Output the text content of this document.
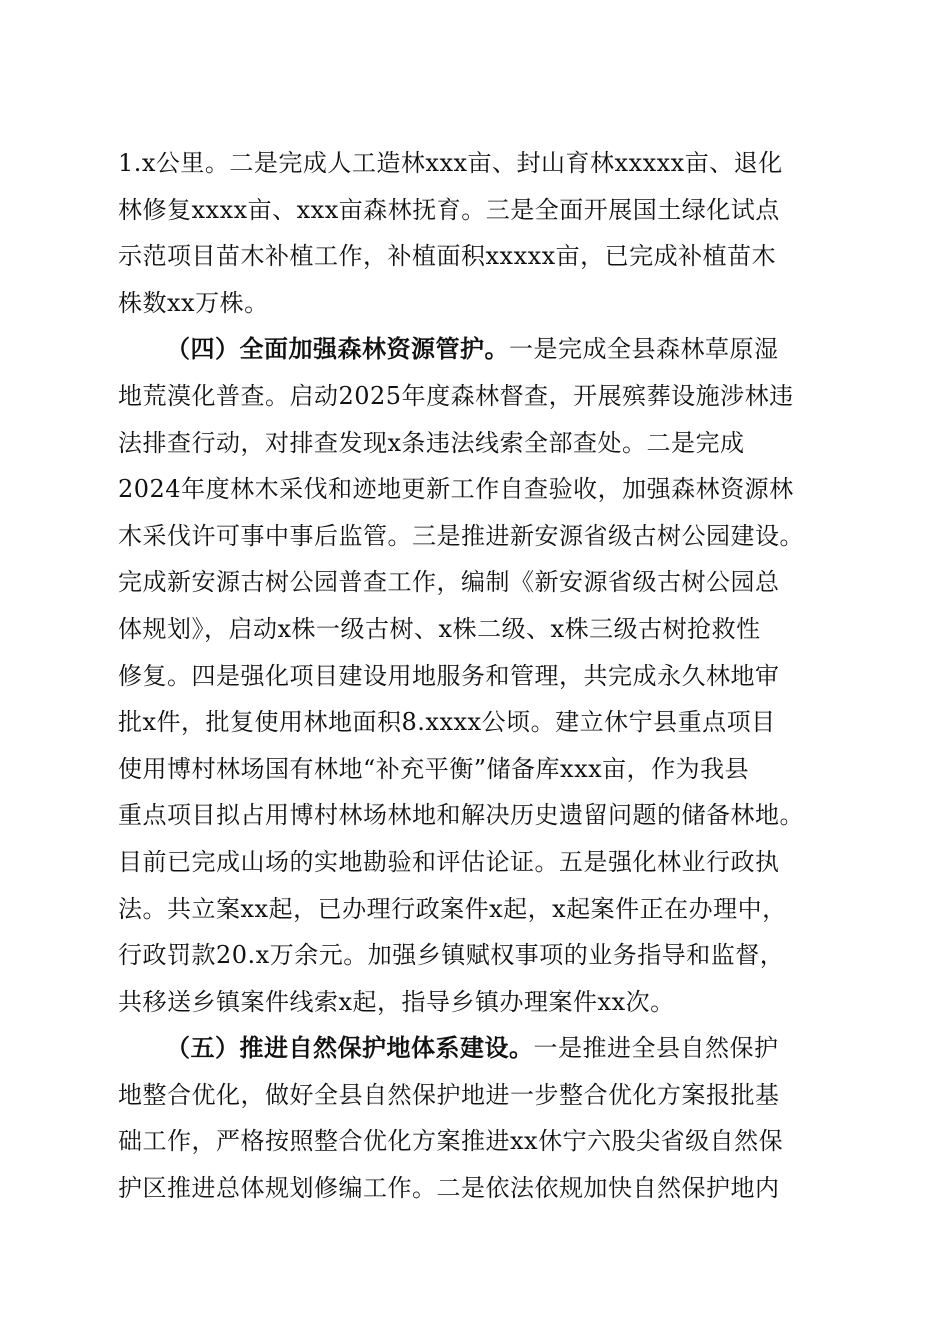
1.x公里。二是完成人工造林xxx亩、封山育林xxxxx亩、退化
林修复xxxx亩、xxx亩森林抚育。三是全面开展国土绿化试点
示范项目苗木补植工作，补植面积xxxxx亩，已完成补植苗木
株数xx万株。
（四）全面加强森林资源管护。一是完成全县森林草原湿
地荒漠化普查。启动2025年度森林督查，开展殡葬设施涉林违
法排查行动，对排查发现x条违法线索全部查处。二是完成
2024年度林木采伐和迹地更新工作自查验收，加强森林资源林
木采伐许可事中事后监管。三是推进新安源省级古树公园建设。
完成新安源古树公园普查工作，编制《新安源省级古树公园总
体规划》，启动x株一级古树、x株二级、x株三级古树抢救性
修复。四是强化项目建设用地服务和管理，共完成永久林地审
批x件，批复使用林地面积8.xxxx公顷。建立休宁县重点项目
使用博村林场国有林地“补充平衡”储备库xxx亩，作为我县
重点项目拟占用博村林场林地和解决历史遗留问题的储备林地。
目前已完成山场的实地勘验和评估论证。五是强化林业行政执
法。共立案xx起，已办理行政案件x起，x起案件正在办理中，
行政罚款20.x万余元。加强乡镇赋权事项的业务指导和监督，
共移送乡镇案件线索x起，指导乡镇办理案件xx次。
（五）推进自然保护地体系建设。一是推进全县自然保护
地整合优化，做好全县自然保护地进一步整合优化方案报批基
础工作，严格按照整合优化方案推进xx休宁六股尖省级自然保
护区推进总体规划修编工作。二是依法依规加快自然保护地内
